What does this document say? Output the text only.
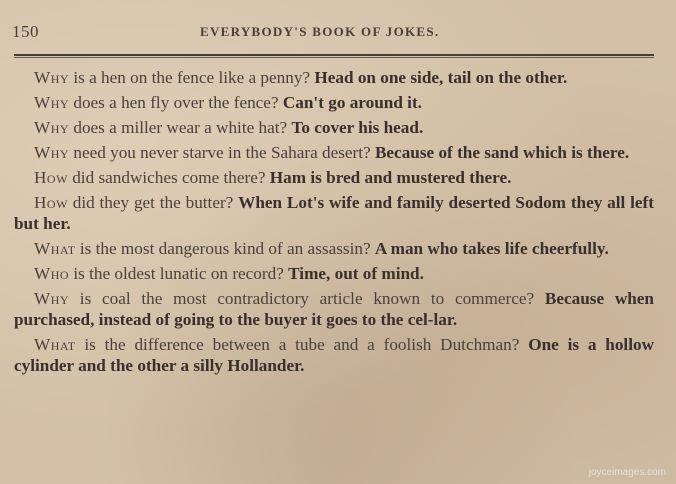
150	EVERYBODY'S BOOK OF JOKES.

Why is a hen on the fence like a penny? Head on one side, tail on the other.

Why does a hen fly over the fence? Can't go around it.

Why does a miller wear a white hat? To cover his head.

Why need you never starve in the Sahara desert? Because of the sand which is there.

How did sandwiches come there? Ham is bred and mustered there.

How did they get the butter? When Lot's wife and family deserted Sodom they all left but her.

What is the most dangerous kind of an assassin? A man who takes life cheerfully.

Who is the oldest lunatic on record? Time, out of mind.

Why is coal the most contradictory article known to commerce? Because when purchased, instead of going to the buyer it goes to the cel-lar.

What is the difference between a tube and a foolish Dutchman? One is a hollow cylinder and the other a silly Hollander.

joyceimages.com
